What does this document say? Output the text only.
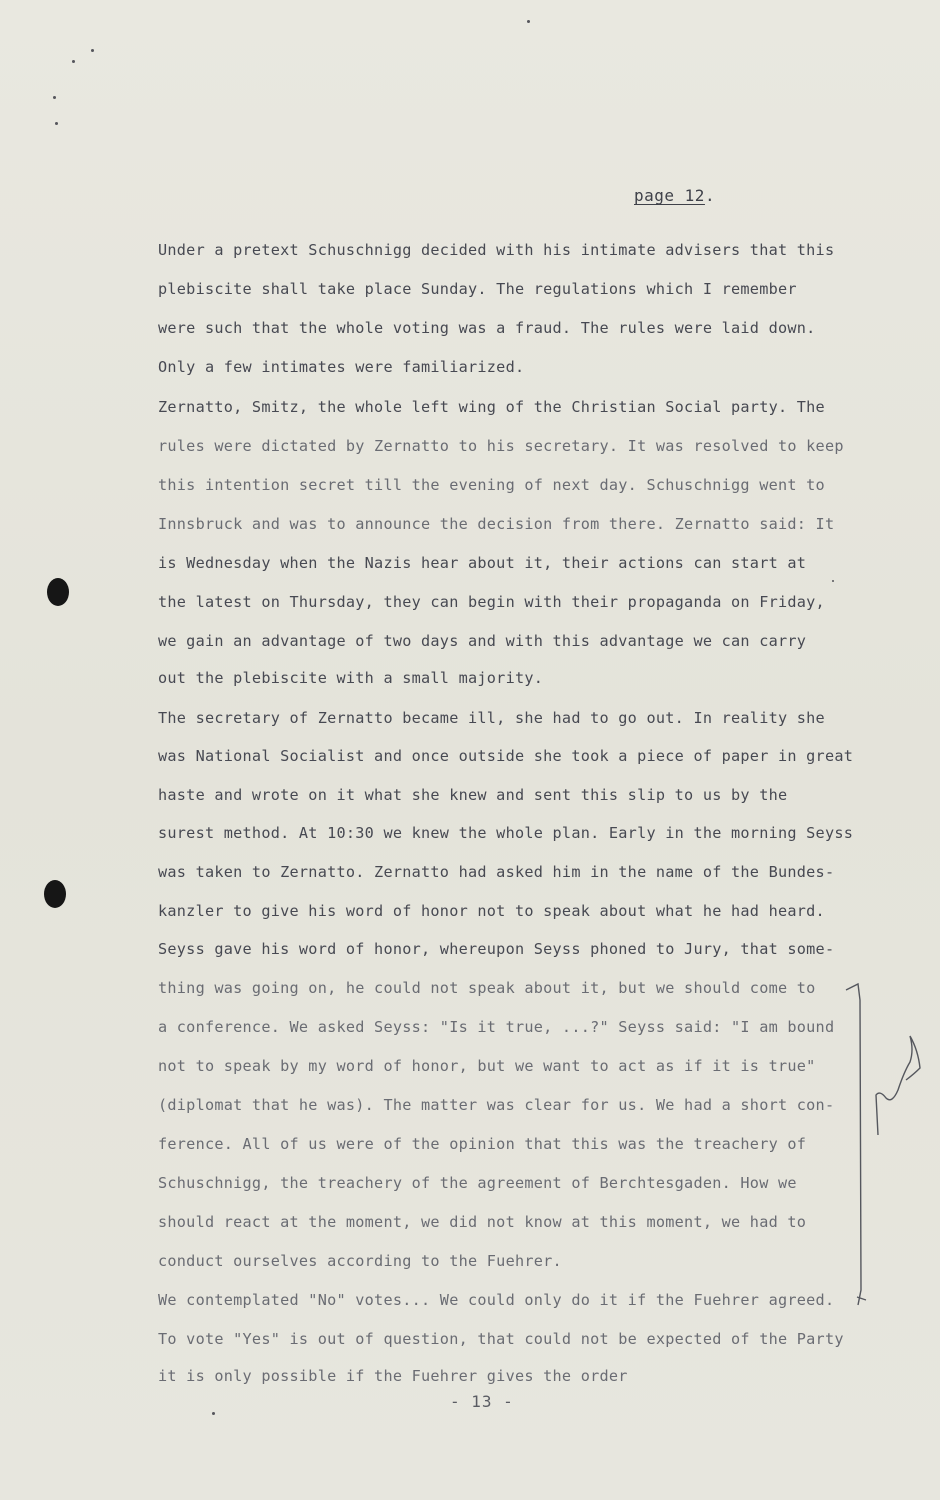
page 12.
Under a pretext Schuschnigg decided with his intimate advisers that this
plebiscite shall take place Sunday. The regulations which I remember
were such that the whole voting was a fraud. The rules were laid down.
Only a few intimates were familiarized.
Zernatto, Smitz, the whole left wing of the Christian Social party. The
rules were dictated by Zernatto to his secretary. It was resolved to keep
this intention secret till the evening of next day. Schuschnigg went to
Innsbruck and was to announce the decision from there. Zernatto said: It
is Wednesday when the Nazis hear about it, their actions can start at
the latest on Thursday, they can begin with their propaganda on Friday,
we gain an advantage of two days and with this advantage we can carry
out the plebiscite with a small majority.
The secretary of Zernatto became ill, she had to go out. In reality she
was National Socialist and once outside she took a piece of paper in great
haste and wrote on it what she knew and sent this slip to us by the
surest method. At 10:30 we knew the whole plan. Early in the morning Seyss
was taken to Zernatto. Zernatto had asked him in the name of the Bundes-
kanzler to give his word of honor not to speak about what he had heard.
Seyss gave his word of honor, whereupon Seyss phoned to Jury, that some-
thing was going on, he could not speak about it, but we should come to
a conference. We asked Seyss: "Is it true, ...?" Seyss said: "I am bound
not to speak by my word of honor, but we want to act as if it is true"
(diplomat that he was). The matter was clear for us. We had a short con-
ference. All of us were of the opinion that this was the treachery of
Schuschnigg, the treachery of the agreement of Berchtesgaden. How we
should react at the moment, we did not know at this moment, we had to
conduct ourselves according to the Fuehrer.
We contemplated "No" votes... We could only do it if the Fuehrer agreed.
To vote "Yes" is out of question, that could not be expected of the Party
it is only possible if the Fuehrer gives the order
- 13 -
